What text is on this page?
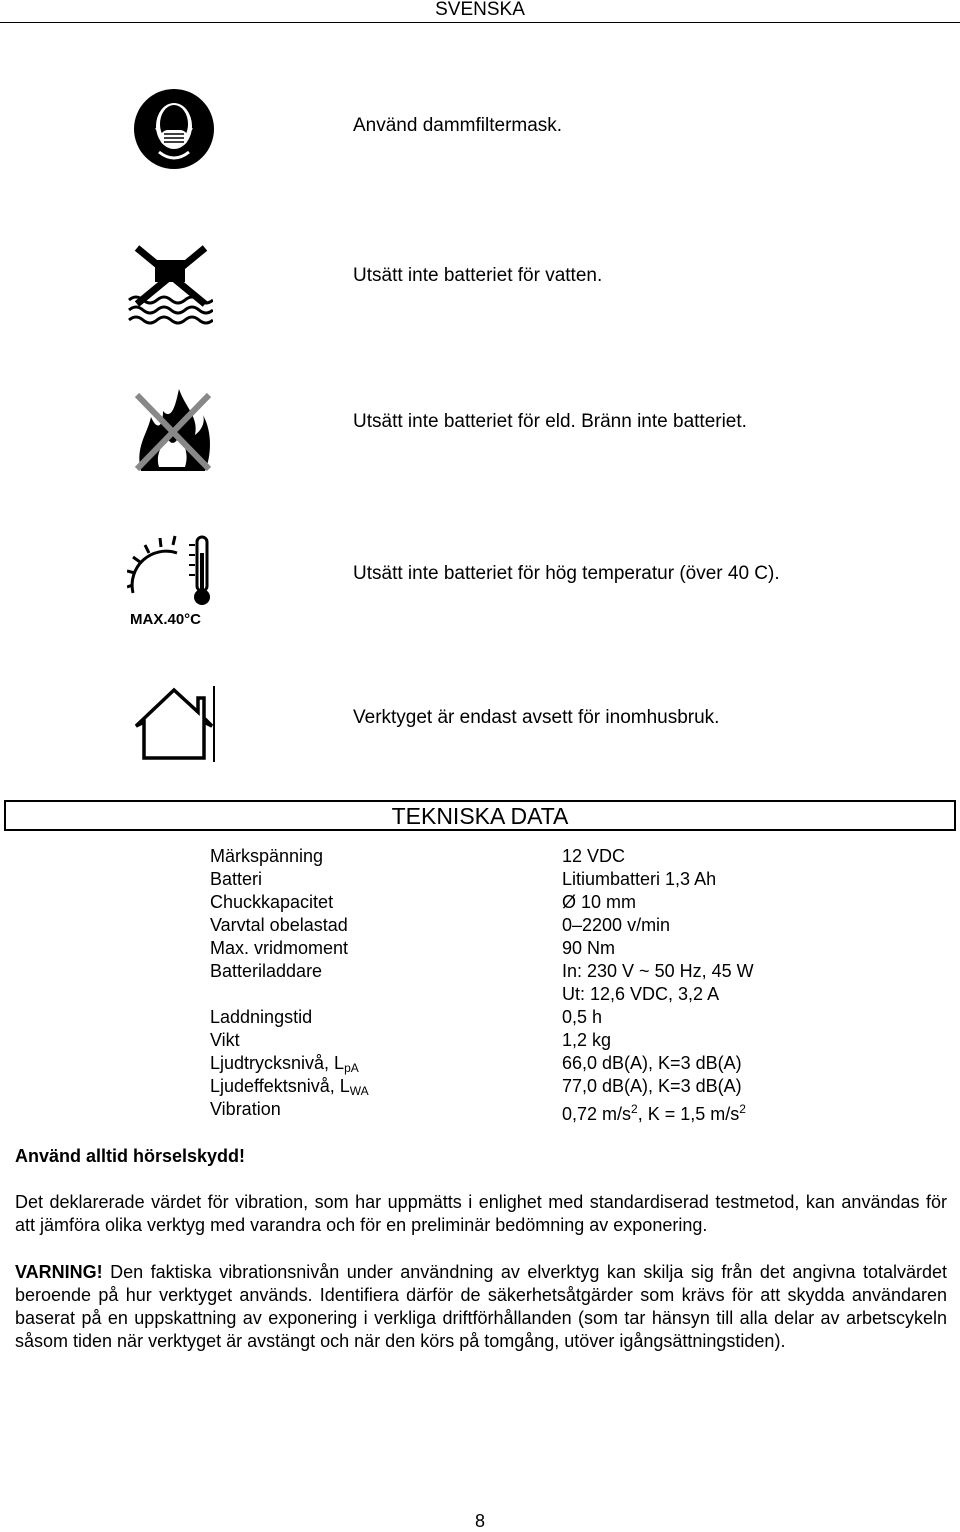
SVENSKA
MAX.40°C
Använd dammfiltermask.
Utsätt inte batteriet för vatten.
Utsätt inte batteriet för eld. Bränn inte batteriet.
Utsätt inte batteriet för hög temperatur (över 40 C).
Verktyget är endast avsett för inomhusbruk.
TEKNISKA DATA
Märkspänning	12 VDC
Batteri	Litiumbatteri 1,3 Ah
Chuckkapacitet	Ø 10 mm
Varvtal obelastad	0–2200 v/min
Max. vridmoment	90 Nm
Batteriladdare	In: 230 V ~ 50 Hz, 45 W
Ut: 12,6 VDC, 3,2 A
Laddningstid	0,5 h
Vikt	1,2 kg
Ljudtrycksnivå, $L_{pA}$	66,0 dB(A), K=3 dB(A)
Ljudeffektsnivå, $L_{WA}$	77,0 dB(A), K=3 dB(A)
Vibration	0,72 $m/s^2$, K = 1,5 $m/s^2$
Använd alltid hörselskydd!

Det deklarerade värdet för vibration, som har uppmätts i enlighet med standardiserad testmetod, kan användas för att jämföra olika verktyg med varandra och för en preliminär bedömning av exponering.

VARNING! Den faktiska vibrationsnivån under användning av elverktyg kan skilja sig från det angivna totalvärdet beroende på hur verktyget används. Identifiera därför de säkerhetsåtgärder som krävs för att skydda användaren baserat på en uppskattning av exponering i verkliga driftförhållanden (som tar hänsyn till alla delar av arbetscykeln såsom tiden när verktyget är avstängt och när den körs på tomgång, utöver igångsättningstiden).

8
